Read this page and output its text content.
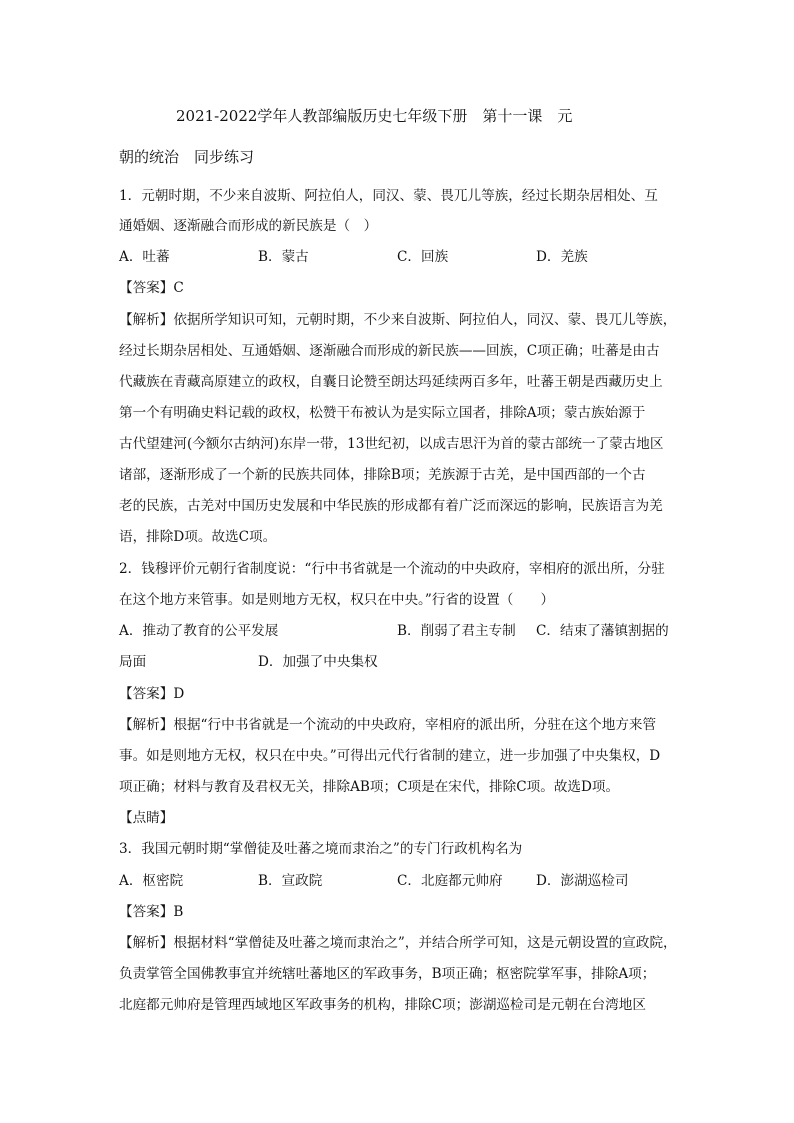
2021-2022学年人教部编版历史七年级下册　第十一课　元
朝的统治　同步练习
1．元朝时期，不少来自波斯、阿拉伯人，同汉、蒙、畏兀儿等族，经过长期杂居相处、互
通婚姻、逐渐融合而形成的新民族是（　）
A．吐蕃	B．蒙古	C．回族	D．羌族
【答案】C
【解析】依据所学知识可知，元朝时期，不少来自波斯、阿拉伯人，同汉、蒙、畏兀儿等族，
经过长期杂居相处、互通婚姻、逐渐融合而形成的新民族——回族，C项正确；吐蕃是由古
代藏族在青藏高原建立的政权，自囊日论赞至朗达玛延续两百多年，吐蕃王朝是西藏历史上
第一个有明确史料记载的政权，松赞干布被认为是实际立国者，排除A项；蒙古族始源于
古代望建河(今额尔古纳河)东岸一带，13世纪初，以成吉思汗为首的蒙古部统一了蒙古地区
诸部，逐渐形成了一个新的民族共同体，排除B项；羌族源于古羌，是中国西部的一个古
老的民族，古羌对中国历史发展和中华民族的形成都有着广泛而深远的影响，民族语言为羌
语，排除D项。故选C项。
2．钱穆评价元朝行省制度说：“行中书省就是一个流动的中央政府，宰相府的派出所，分驻
在这个地方来管事。如是则地方无权，权只在中央。”行省的设置（　　）
A．推动了教育的公平发展	B．削弱了君主专制 C．结束了藩镇割据的
局面	D．加强了中央集权
【答案】D
【解析】根据“行中书省就是一个流动的中央政府，宰相府的派出所，分驻在这个地方来管
事。如是则地方无权，权只在中央。”可得出元代行省制的建立，进一步加强了中央集权，D
项正确；材料与教育及君权无关，排除AB项；C项是在宋代，排除C项。故选D项。
【点睛】
3．我国元朝时期“掌僧徒及吐蕃之境而隶治之”的专门行政机构名为
A．枢密院	B．宣政院	C．北庭都元帅府 D．澎湖巡检司
【答案】B
【解析】根据材料“掌僧徒及吐蕃之境而隶治之”，并结合所学可知，这是元朝设置的宣政院，
负责掌管全国佛教事宜并统辖吐蕃地区的军政事务，B项正确；枢密院掌军事，排除A项；
北庭都元帅府是管理西域地区军政事务的机构，排除C项；澎湖巡检司是元朝在台湾地区
